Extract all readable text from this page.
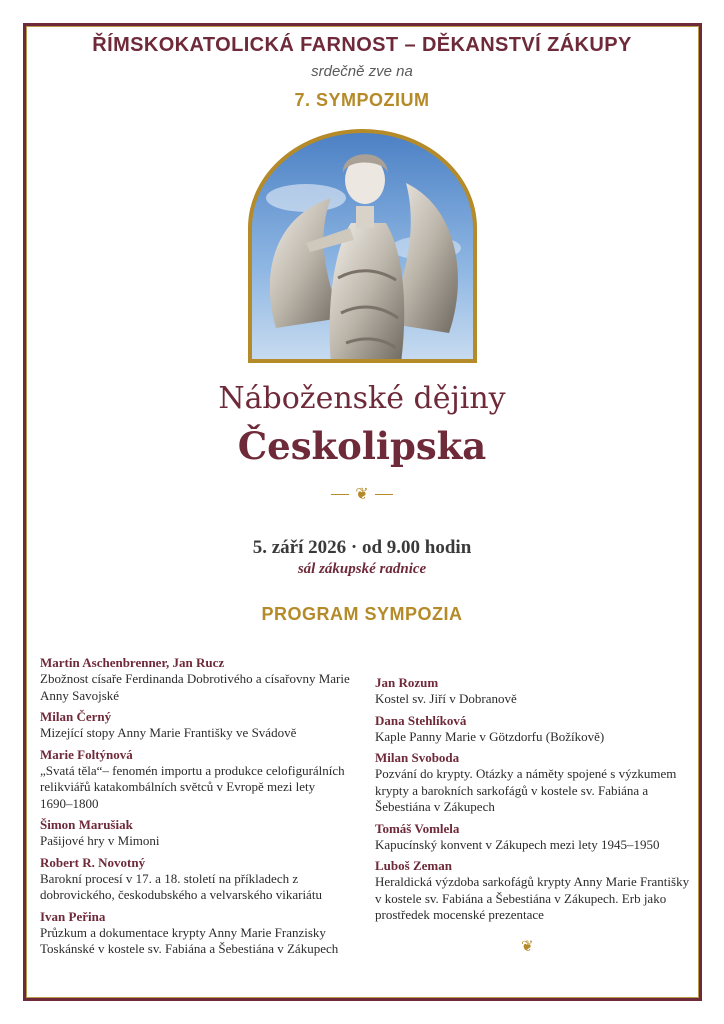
ŘÍMSKOKATOLICKÁ FARNOST – DĚKANSTVÍ ZÁKUPY
srdečně zve na
7. SYMPOZIUM
Náboženské dějiny
Českolipska
❦
5. září 2026 · od 9.00 hodin
sál zákupské radnice
PROGRAM SYMPOZIA
Martin Aschenbrenner, Jan Rucz
Zbožnost císaře Ferdinanda Dobrotivého a císařovny Marie Anny Savojské
Milan Černý
Mizející stopy Anny Marie Františky ve Svádově
Marie Foltýnová
„Svatá těla“– fenomén importu a produkce celofigurálních relikviářů katakombálních světců v Evropě mezi lety 1690–1800
Šimon Marušiak
Pašijové hry v Mimoni
Robert R. Novotný
Barokní procesí v 17. a 18. století na příkladech z dobrovického, českodubského a velvarského vikariátu
Ivan Peřina
Průzkum a dokumentace krypty Anny Marie Franzisky Toskánské v kostele sv. Fabiána a Šebestiána v Zákupech
Jan Rozum
Kostel sv. Jiří v Dobranově
Dana Stehlíková
Kaple Panny Marie v Götzdorfu (Božíkově)
Milan Svoboda
Pozvání do krypty. Otázky a náměty spojené s výzkumem krypty a barokních sarkofágů v kostele sv. Fabiána a Šebestiána v Zákupech
Tomáš Vomlela
Kapucínský konvent v Zákupech mezi lety 1945–1950
Luboš Zeman
Heraldická výzdoba sarkofágů krypty Anny Marie Františky v kostele sv. Fabiána a Šebestiána v Zákupech. Erb jako prostředek mocenské prezentace
❦
